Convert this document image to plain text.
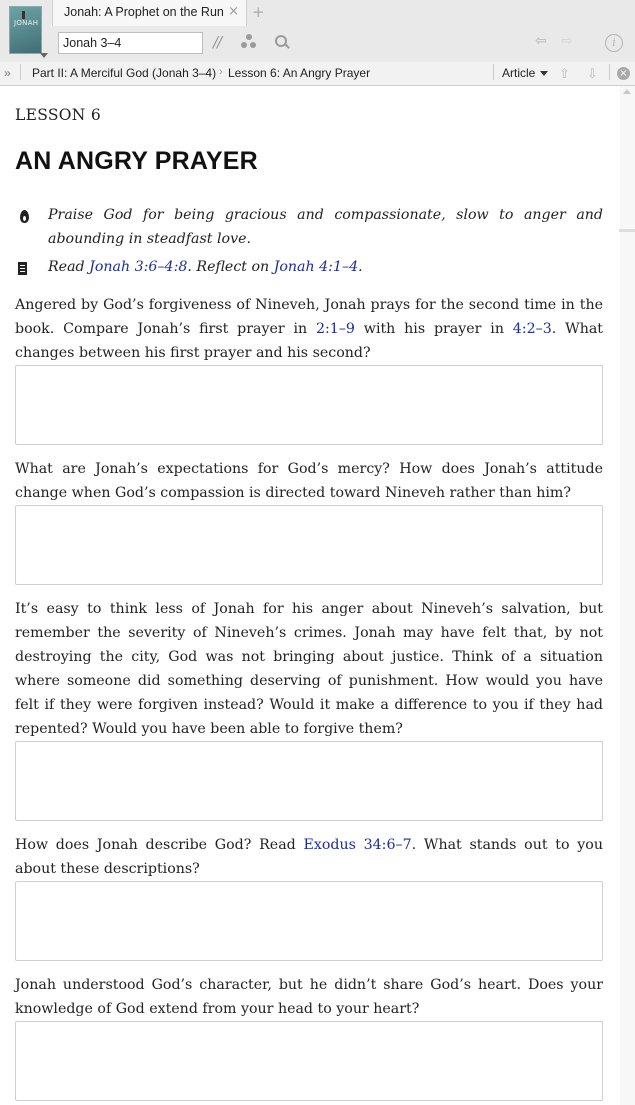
JONAH
Jonah: A Prophet on the Run × +
Jonah 3–4	//	⇦ ⇨	i
» Part II: A Merciful God (Jonah 3–4) › Lesson 6: An Angry Prayer	Article ⇧ ⇩ ×
LESSON 6
AN ANGRY PRAYER
Praise God for being gracious and compassionate, slow to anger and abounding in steadfast love.
Read Jonah 3:6–4:8. Reflect on Jonah 4:1–4.
Angered by God’s forgiveness of Nineveh, Jonah prays for the second time in the book. Compare Jonah’s first prayer in 2:1–9 with his prayer in 4:2–3. What changes between his first prayer and his second?
What are Jonah’s expectations for God’s mercy? How does Jonah’s attitude change when God’s compassion is directed toward Nineveh rather than him?
It’s easy to think less of Jonah for his anger about Nineveh’s salvation, but remember the severity of Nineveh’s crimes. Jonah may have felt that, by not destroying the city, God was not bringing about justice. Think of a situation where someone did something deserving of punishment. How would you have felt if they were forgiven instead? Would it make a difference to you if they had repented? Would you have been able to forgive them?
How does Jonah describe God? Read Exodus 34:6–7. What stands out to you about these descriptions?
Jonah understood God’s character, but he didn’t share God’s heart. Does your knowledge of God extend from your head to your heart?
